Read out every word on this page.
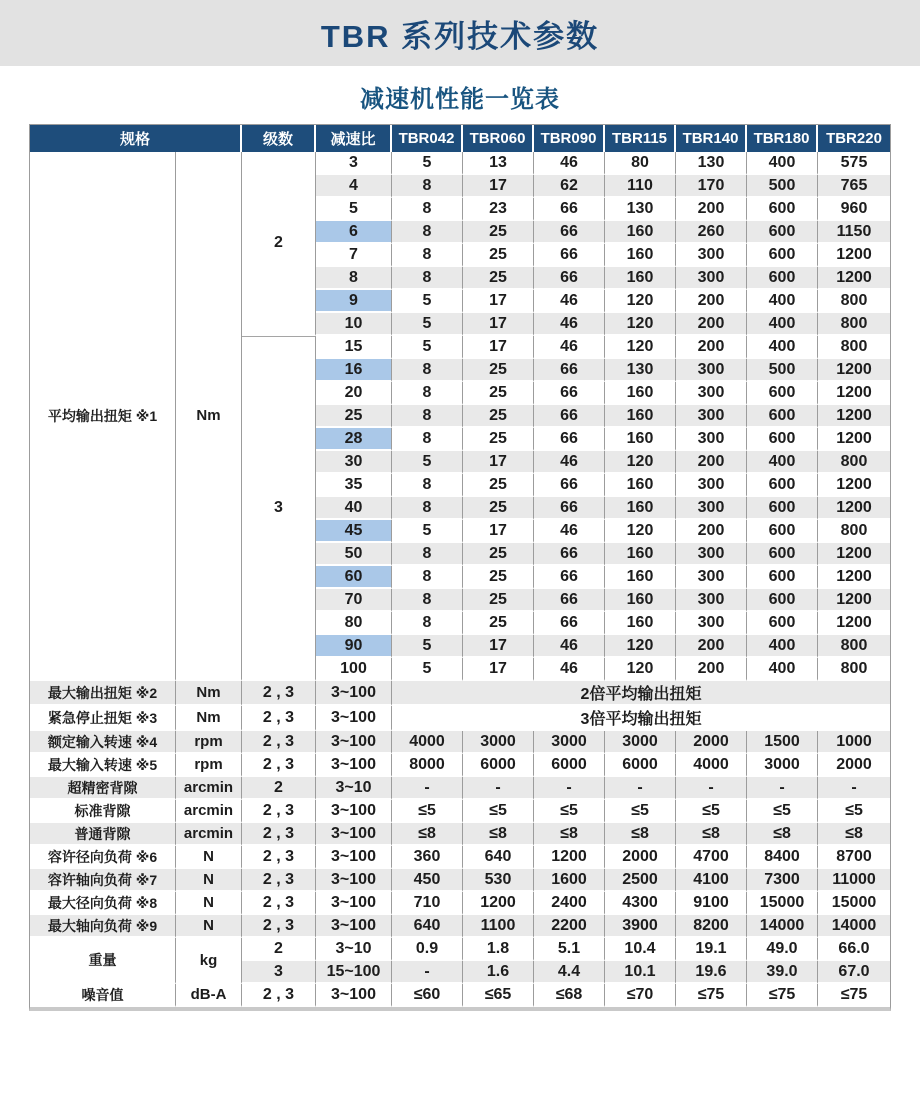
TBR 系列技术参数
减速机性能一览表
规格		级数	减速比	TBR042	TBR060	TBR090	TBR115	TBR140	TBR180	TBR220
平均输出扭矩 ※1	Nm	2	3	5	13	46	80	130	400	575
			4	8	17	62	110	170	500	765
			5	8	23	66	130	200	600	960
			6	8	25	66	160	260	600	1150
			7	8	25	66	160	300	600	1200
			8	8	25	66	160	300	600	1200
			9	5	17	46	120	200	400	800
			10	5	17	46	120	200	400	800
		3	15	5	17	46	120	200	400	800
			16	8	25	66	130	300	500	1200
			20	8	25	66	160	300	600	1200
			25	8	25	66	160	300	600	1200
			28	8	25	66	160	300	600	1200
			30	5	17	46	120	200	400	800
			35	8	25	66	160	300	600	1200
			40	8	25	66	160	300	600	1200
			45	5	17	46	120	200	600	800
			50	8	25	66	160	300	600	1200
			60	8	25	66	160	300	600	1200
			70	8	25	66	160	300	600	1200
			80	8	25	66	160	300	600	1200
			90	5	17	46	120	200	400	800
			100	5	17	46	120	200	400	800
最大输出扭矩 ※2	Nm	2 , 3	3~100	2倍平均输出扭矩						
紧急停止扭矩 ※3	Nm	2 , 3	3~100	3倍平均输出扭矩						
额定输入转速 ※4	rpm	2 , 3	3~100	4000	3000	3000	3000	2000	1500	1000
最大输入转速 ※5	rpm	2 , 3	3~100	8000	6000	6000	6000	4000	3000	2000
超精密背隙	arcmin	2	3~10	-	-	-	-	-	-	-
标准背隙	arcmin	2 , 3	3~100	≤5	≤5	≤5	≤5	≤5	≤5	≤5
普通背隙	arcmin	2 , 3	3~100	≤8	≤8	≤8	≤8	≤8	≤8	≤8
容许径向负荷 ※6	N	2 , 3	3~100	360	640	1200	2000	4700	8400	8700
容许轴向负荷 ※7	N	2 , 3	3~100	450	530	1600	2500	4100	7300	11000
最大径向负荷 ※8	N	2 , 3	3~100	710	1200	2400	4300	9100	15000	15000
最大轴向负荷 ※9	N	2 , 3	3~100	640	1100	2200	3900	8200	14000	14000
重量	kg	2	3~10	0.9	1.8	5.1	10.4	19.1	49.0	66.0
		3	15~100	-	1.6	4.4	10.1	19.6	39.0	67.0
噪音值	dB-A	2 , 3	3~100	≤60	≤65	≤68	≤70	≤75	≤75	≤75
